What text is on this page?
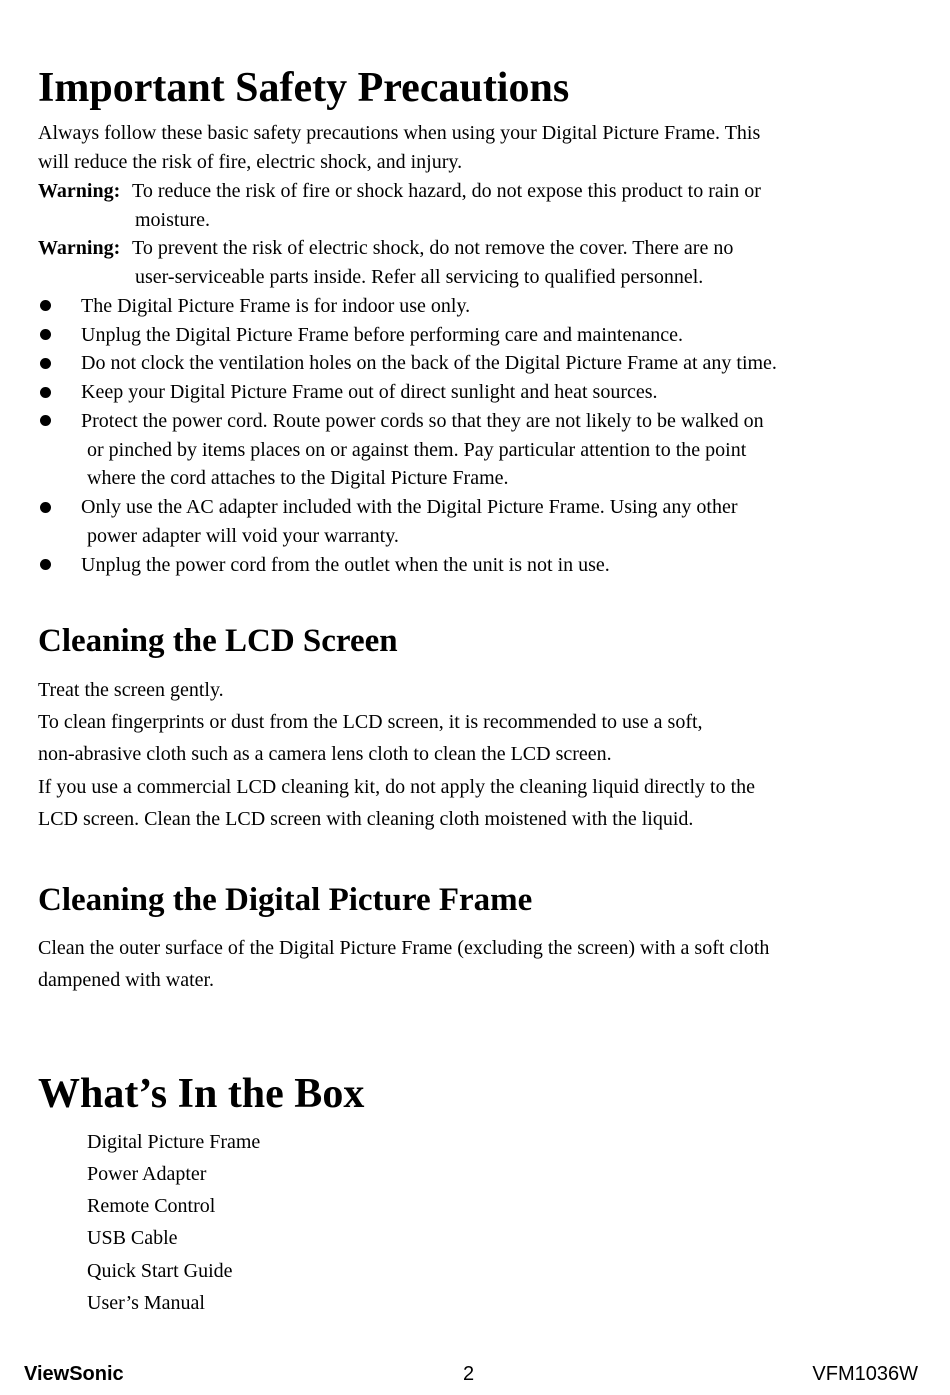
Important Safety Precautions
Always follow these basic safety precautions when using your Digital Picture Frame. This
will reduce the risk of fire, electric shock, and injury.
Warning: To reduce the risk of fire or shock hazard, do not expose this product to rain or
moisture.
Warning: To prevent the risk of electric shock, do not remove the cover. There are no
user-serviceable parts inside. Refer all servicing to qualified personnel.
The Digital Picture Frame is for indoor use only.
Unplug the Digital Picture Frame before performing care and maintenance.
Do not clock the ventilation holes on the back of the Digital Picture Frame at any time.
Keep your Digital Picture Frame out of direct sunlight and heat sources.
Protect the power cord. Route power cords so that they are not likely to be walked on
or pinched by items places on or against them. Pay particular attention to the point
where the cord attaches to the Digital Picture Frame.
Only use the AC adapter included with the Digital Picture Frame. Using any other
power adapter will void your warranty.
Unplug the power cord from the outlet when the unit is not in use.
Cleaning the LCD Screen
Treat the screen gently.
To clean fingerprints or dust from the LCD screen, it is recommended to use a soft,
non-abrasive cloth such as a camera lens cloth to clean the LCD screen.
If you use a commercial LCD cleaning kit, do not apply the cleaning liquid directly to the
LCD screen. Clean the LCD screen with cleaning cloth moistened with the liquid.
Cleaning the Digital Picture Frame
Clean the outer surface of the Digital Picture Frame (excluding the screen) with a soft cloth
dampened with water.
What’s In the Box
Digital Picture Frame
Power Adapter
Remote Control
USB Cable
Quick Start Guide
User’s Manual
ViewSonic	2	VFM1036W
